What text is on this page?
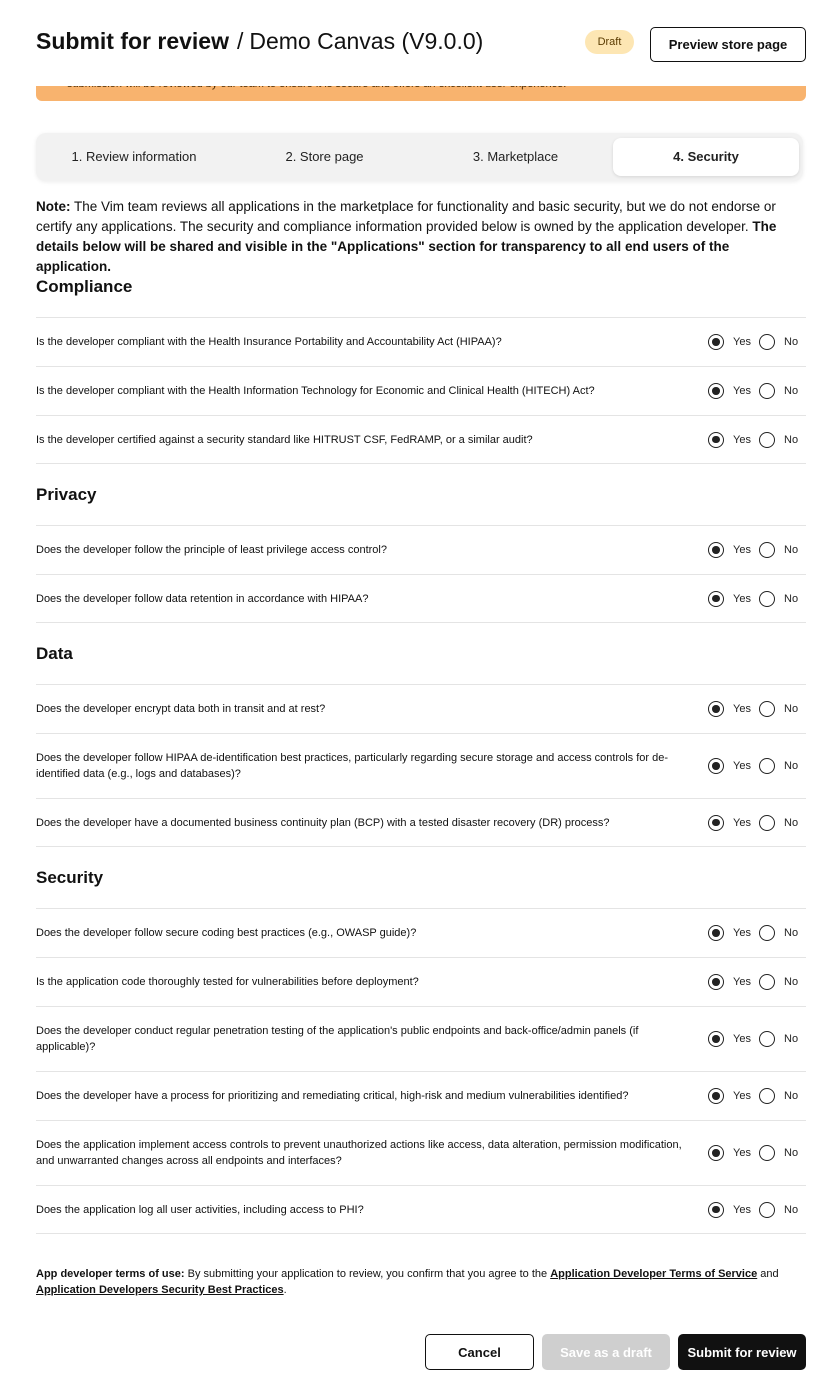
Submit for review / Demo Canvas (V9.0.0)	Draft	Preview store page
1. Review information	2. Store page	3. Marketplace	4. Security
Note: The Vim team reviews all applications in the marketplace for functionality and basic security, but we do not endorse or certify any applications. The security and compliance information provided below is owned by the application developer. The details below will be shared and visible in the "Applications" section for transparency to all end users of the application.
Compliance
Is the developer compliant with the Health Insurance Portability and Accountability Act (HIPAA)?	Yes	No
Is the developer compliant with the Health Information Technology for Economic and Clinical Health (HITECH) Act?	Yes	No
Is the developer certified against a security standard like HITRUST CSF, FedRAMP, or a similar audit?	Yes	No
Privacy
Does the developer follow the principle of least privilege access control?	Yes	No
Does the developer follow data retention in accordance with HIPAA?	Yes	No
Data
Does the developer encrypt data both in transit and at rest?	Yes	No
Does the developer follow HIPAA de-identification best practices, particularly regarding secure storage and access controls for de-identified data (e.g., logs and databases)?
Yes	No
Does the developer have a documented business continuity plan (BCP) with a tested disaster recovery (DR) process?	Yes	No
Security
Does the developer follow secure coding best practices (e.g., OWASP guide)?	Yes	No
Is the application code thoroughly tested for vulnerabilities before deployment?	Yes	No
Does the developer conduct regular penetration testing of the application's public endpoints and back-office/admin panels (if applicable)?
Yes	No
Does the developer have a process for prioritizing and remediating critical, high-risk and medium vulnerabilities identified?	Yes	No
Does the application implement access controls to prevent unauthorized actions like access, data alteration, permission modification, and unwarranted changes across all endpoints and interfaces?
Yes	No
Does the application log all user activities, including access to PHI?	Yes	No
App developer terms of use: By submitting your application to review, you confirm that you agree to the Application Developer Terms of Service and Application Developers Security Best Practices.
Cancel	Save as a draft	Submit for review
